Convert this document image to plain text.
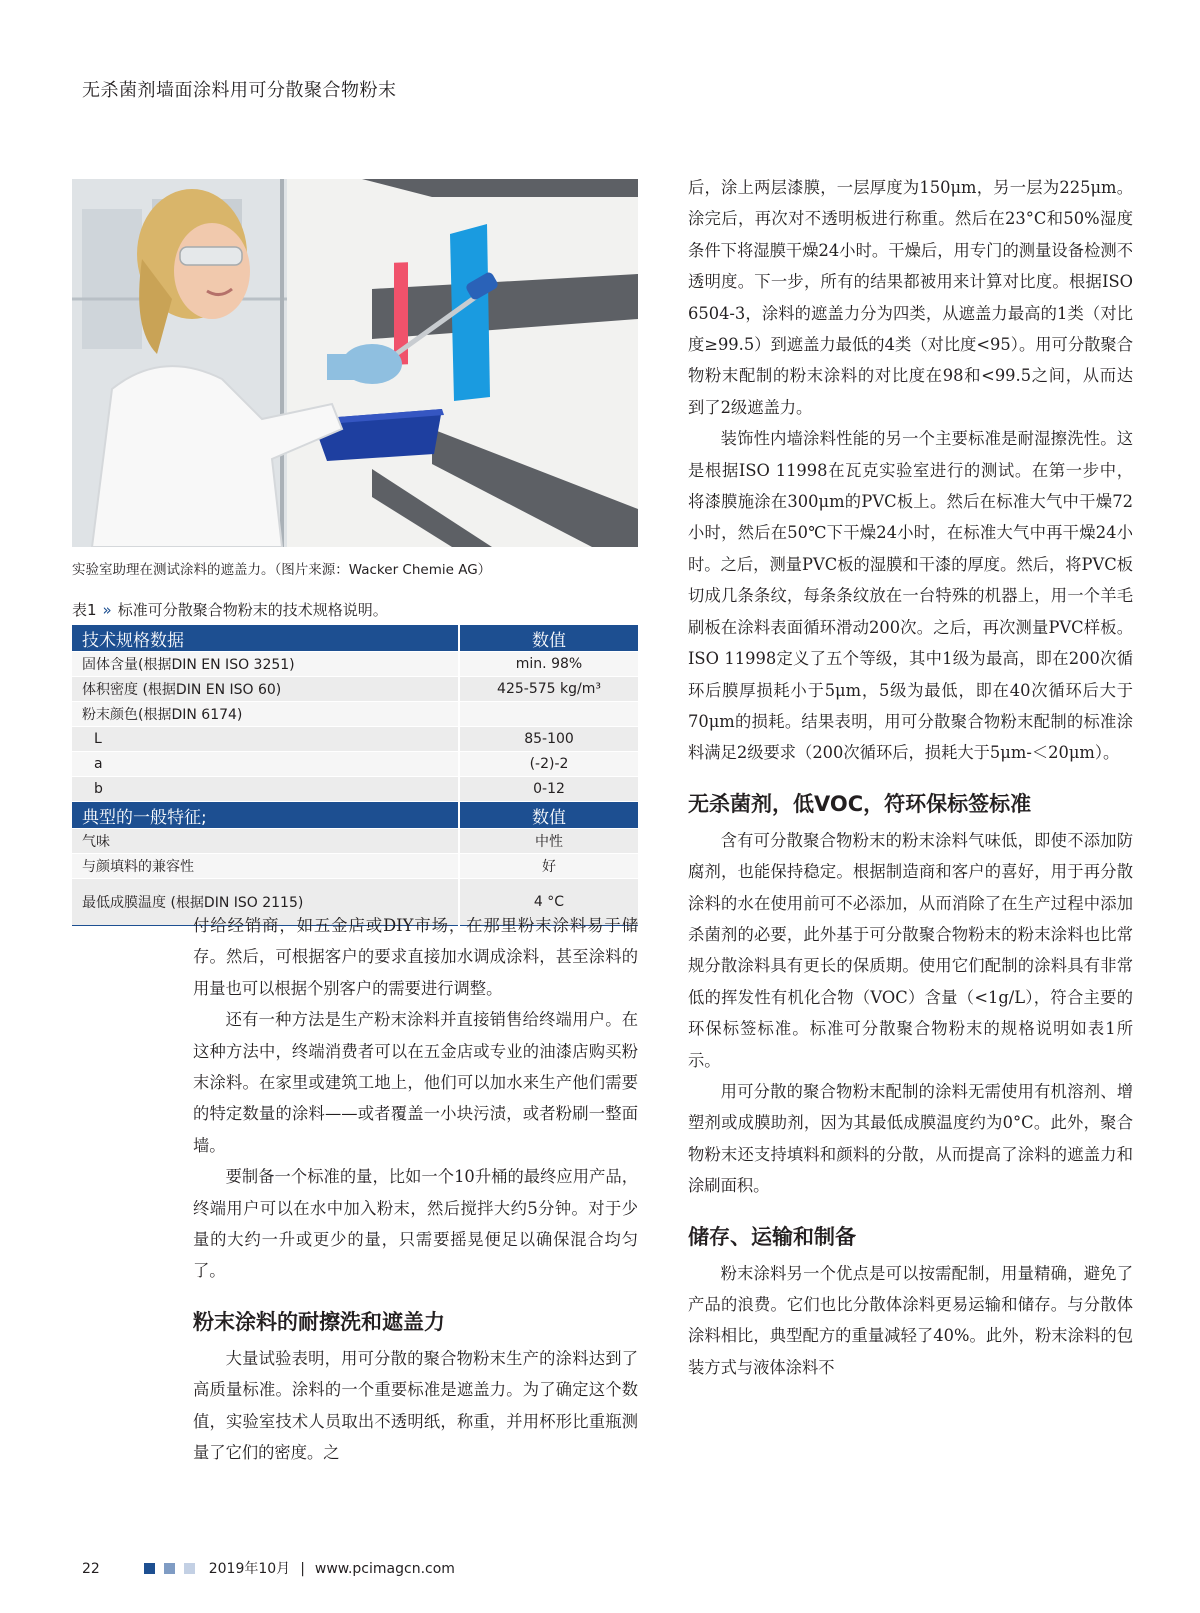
无杀菌剂墙面涂料用可分散聚合物粉末
实验室助理在测试涂料的遮盖力。（图片来源：Wacker Chemie AG）
表1 » 标准可分散聚合物粉末的技术规格说明。
技术规格数据	数值
固体含量(根据DIN EN ISO 3251)	min. 98%
体积密度 (根据DIN EN ISO 60)	425-575 kg/m³
粉末颜色(根据DIN 6174)	
L	85-100
a	(-2)-2
b	0-12
典型的一般特征;	数值
气味	中性
与颜填料的兼容性	好
最低成膜温度 (根据DIN ISO 2115)	4 °C

付给经销商，如五金店或DIY市场，在那里粉末涂料易于储存。然后，可根据客户的要求直接加水调成涂料，甚至涂料的用量也可以根据个别客户的需要进行调整。

还有一种方法是生产粉末涂料并直接销售给终端用户。在这种方法中，终端消费者可以在五金店或专业的油漆店购买粉末涂料。在家里或建筑工地上，他们可以加水来生产他们需要的特定数量的涂料——或者覆盖一小块污渍，或者粉刷一整面墙。

要制备一个标准的量，比如一个10升桶的最终应用产品，终端用户可以在水中加入粉末，然后搅拌大约5分钟。对于少量的大约一升或更少的量，只需要摇晃便足以确保混合均匀了。

粉末涂料的耐擦洗和遮盖力

大量试验表明，用可分散的聚合物粉末生产的涂料达到了高质量标准。涂料的一个重要标准是遮盖力。为了确定这个数值，实验室技术人员取出不透明纸，称重，并用杯形比重瓶测量了它们的密度。之

后，涂上两层漆膜，一层厚度为150μm，另一层为225μm。涂完后，再次对不透明板进行称重。然后在23°C和50%湿度条件下将湿膜干燥24小时。干燥后，用专门的测量设备检测不透明度。下一步，所有的结果都被用来计算对比度。根据ISO 6504-3，涂料的遮盖力分为四类，从遮盖力最高的1类（对比度≥99.5）到遮盖力最低的4类（对比度<95）。用可分散聚合物粉末配制的粉末涂料的对比度在98和<99.5之间，从而达到了2级遮盖力。

装饰性内墙涂料性能的另一个主要标准是耐湿擦洗性。这是根据ISO 11998在瓦克实验室进行的测试。在第一步中，将漆膜施涂在300μm的PVC板上。然后在标准大气中干燥72小时，然后在50℃下干燥24小时，在标准大气中再干燥24小时。之后，测量PVC板的湿膜和干漆的厚度。然后，将PVC板切成几条条纹，每条条纹放在一台特殊的机器上，用一个羊毛刷板在涂料表面循环滑动200次。之后，再次测量PVC样板。ISO 11998定义了五个等级，其中1级为最高，即在200次循环后膜厚损耗小于5μm，5级为最低，即在40次循环后大于70μm的损耗。结果表明，用可分散聚合物粉末配制的标准涂料满足2级要求（200次循环后，损耗大于5μm-＜20μm）。

无杀菌剂，低VOC，符环保标签标准

含有可分散聚合物粉末的粉末涂料气味低，即使不添加防腐剂，也能保持稳定。根据制造商和客户的喜好，用于再分散涂料的水在使用前可不必添加，从而消除了在生产过程中添加杀菌剂的必要，此外基于可分散聚合物粉末的粉末涂料也比常规分散涂料具有更长的保质期。使用它们配制的涂料具有非常低的挥发性有机化合物（VOC）含量（<1g/L），符合主要的环保标签标准。标准可分散聚合物粉末的规格说明如表1所示。

用可分散的聚合物粉末配制的涂料无需使用有机溶剂、增塑剂或成膜助剂，因为其最低成膜温度约为0°C。此外，聚合物粉末还支持填料和颜料的分散，从而提高了涂料的遮盖力和涂刷面积。

储存、运输和制备

粉末涂料另一个优点是可以按需配制，用量精确，避免了产品的浪费。它们也比分散体涂料更易运输和储存。与分散体涂料相比，典型配方的重量减轻了40%。此外，粉末涂料的包装方式与液体涂料不

22	2019年10月 | www.pcimagcn.com
